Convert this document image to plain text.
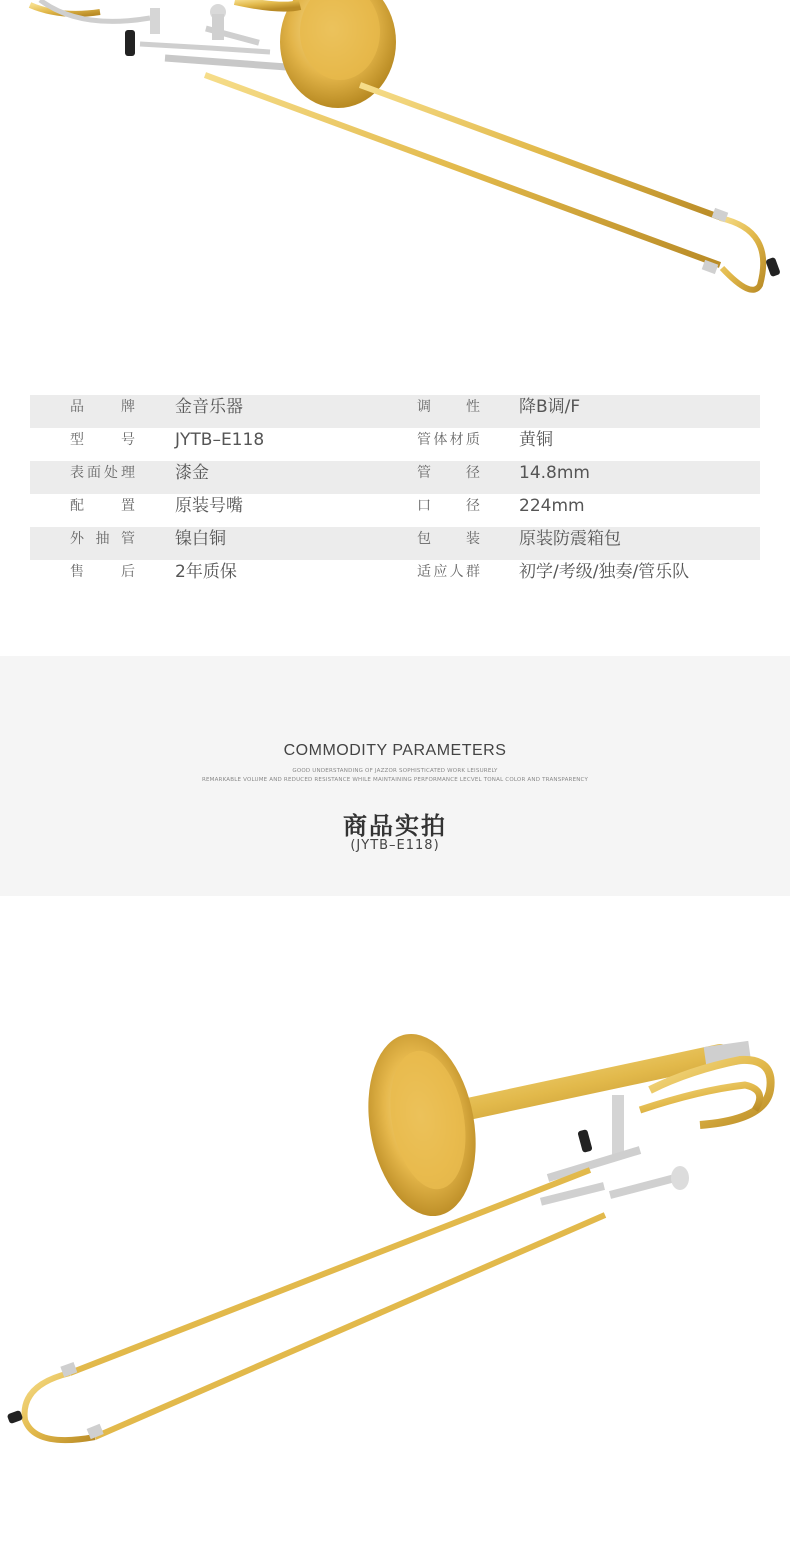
品牌 金音乐器	调性 降B调/F
型号 JYTB–E118	管体材质 黄铜
表面处理 漆金	管径 14.8mm
配置 原装号嘴	口径 224mm
外抽管 镍白铜	包装 原装防震箱包
售后 2年质保	适应人群 初学/考级/独奏/管乐队
COMMODITY PARAMETERS
GOOD UNDERSTANDING OF JAZZOR SOPHISTICATED WORK LEISURELY
REMARKABLE VOLUME AND REDUCED RESISTANCE WHILE MAINTAINING PERFORMANCE LECVEL TONAL COLOR AND TRANSPARENCY
商品实拍
(JYTB–E118)
